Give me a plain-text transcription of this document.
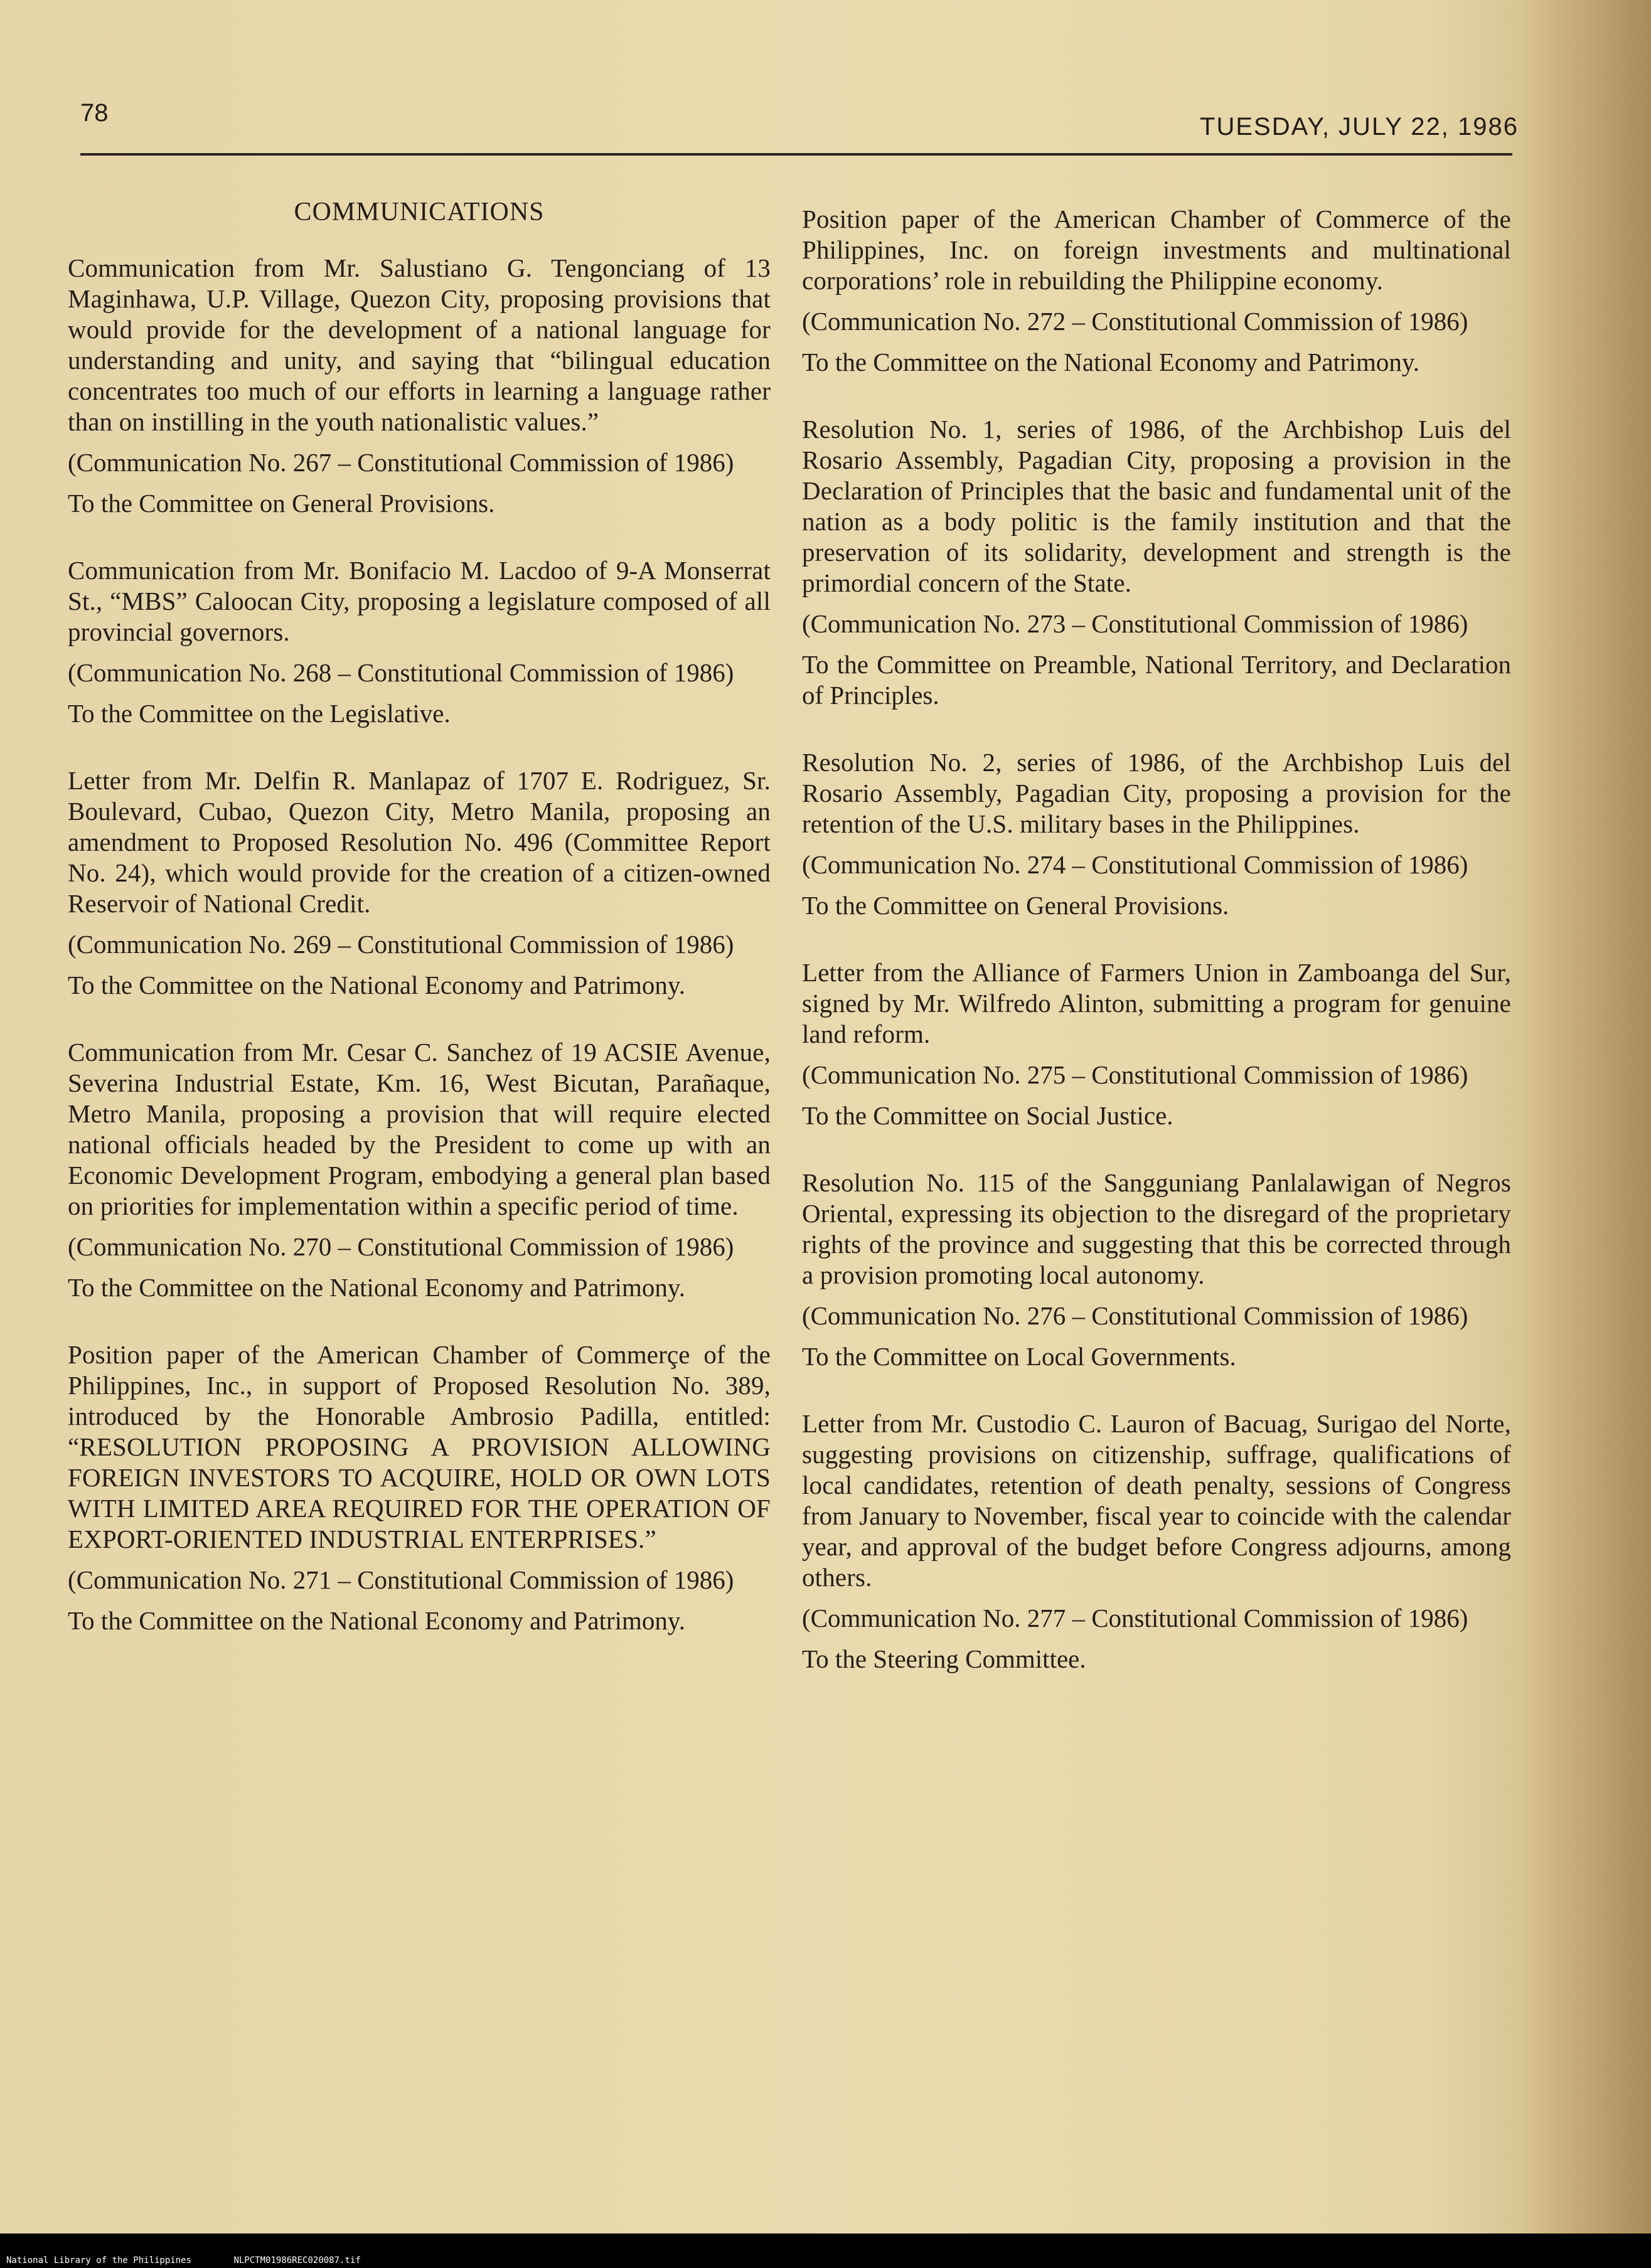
78	TUESDAY, JULY 22, 1986
COMMUNICATIONS

Communication from Mr. Salustiano G. Tengonciang of 13 Maginhawa, U.P. Village, Quezon City, proposing provisions that would provide for the development of a national language for understanding and unity, and saying that “bilingual education concentrates too much of our efforts in learning a language rather than on instilling in the youth nationalistic values.”

(Communication No. 267 – Constitutional Commission of 1986)

To the Committee on General Provisions.

Communication from Mr. Bonifacio M. Lacdoo of 9-A Monserrat St., “MBS” Caloocan City, proposing a legislature composed of all provincial governors.

(Communication No. 268 – Constitutional Commission of 1986)

To the Committee on the Legislative.

Letter from Mr. Delfin R. Manlapaz of 1707 E. Rodriguez, Sr. Boulevard, Cubao, Quezon City, Metro Manila, proposing an amendment to Proposed Resolution No. 496 (Committee Report No. 24), which would provide for the creation of a citizen-owned Reservoir of National Credit.

(Communication No. 269 – Constitutional Commission of 1986)

To the Committee on the National Economy and Patrimony.

Communication from Mr. Cesar C. Sanchez of 19 ACSIE Avenue, Severina Industrial Estate, Km. 16, West Bicutan, Parañaque, Metro Manila, proposing a provision that will require elected national officials headed by the President to come up with an Economic Development Program, embodying a general plan based on priorities for implementation within a specific period of time.

(Communication No. 270 – Constitutional Commission of 1986)

To the Committee on the National Economy and Patrimony.

Position paper of the American Chamber of Commerçe of the Philippines, Inc., in support of Proposed Resolution No. 389, introduced by the Honorable Ambrosio Padilla, entitled: “RESOLUTION PROPOSING A PROVISION ALLOWING FOREIGN INVESTORS TO ACQUIRE, HOLD OR OWN LOTS WITH LIMITED AREA REQUIRED FOR THE OPERATION OF EXPORT-ORIENTED INDUSTRIAL ENTERPRISES.”

(Communication No. 271 – Constitutional Commission of 1986)

To the Committee on the National Economy and Patrimony.

Position paper of the American Chamber of Commerce of the Philippines, Inc. on foreign investments and multinational corporations’ role in rebuilding the Philippine economy.

(Communication No. 272 – Constitutional Commission of 1986)

To the Committee on the National Economy and Patrimony.

Resolution No. 1, series of 1986, of the Archbishop Luis del Rosario Assembly, Pagadian City, proposing a provision in the Declaration of Principles that the basic and fundamental unit of the nation as a body politic is the family institution and that the preservation of its solidarity, development and strength is the primordial concern of the State.

(Communication No. 273 – Constitutional Commission of 1986)

To the Committee on Preamble, National Territory, and Declaration of Principles.

Resolution No. 2, series of 1986, of the Archbishop Luis del Rosario Assembly, Pagadian City, proposing a provision for the retention of the U.S. military bases in the Philippines.

(Communication No. 274 – Constitutional Commission of 1986)

To the Committee on General Provisions.

Letter from the Alliance of Farmers Union in Zamboanga del Sur, signed by Mr. Wilfredo Alinton, submitting a program for genuine land reform.

(Communication No. 275 – Constitutional Commission of 1986)

To the Committee on Social Justice.

Resolution No. 115 of the Sangguniang Panlalawigan of Negros Oriental, expressing its objection to the disregard of the proprietary rights of the province and suggesting that this be corrected through a provision promoting local autonomy.

(Communication No. 276 – Constitutional Commission of 1986)

To the Committee on Local Governments.

Letter from Mr. Custodio C. Lauron of Bacuag, Surigao del Norte, suggesting provisions on citizenship, suffrage, qualifications of local candidates, retention of death penalty, sessions of Congress from January to November, fiscal year to coincide with the calendar year, and approval of the budget before Congress adjourns, among others.

(Communication No. 277 – Constitutional Commission of 1986)

To the Steering Committee.

National Library of the Philippines	NLPCTM01986REC020087.tif
